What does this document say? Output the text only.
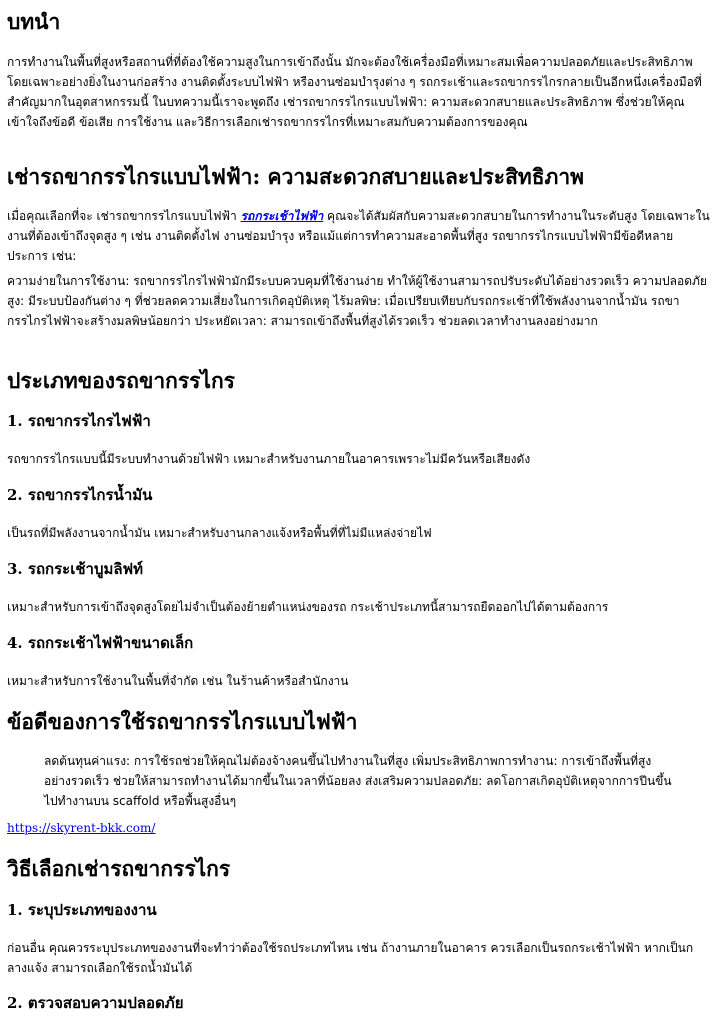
บทนำ

การทำงานในพื้นที่สูงหรือสถานที่ที่ต้องใช้ความสูงในการเข้าถึงนั้น มักจะต้องใช้เครื่องมือที่เหมาะสมเพื่อความปลอดภัยและประสิทธิภาพ โดยเฉพาะอย่างยิ่งในงานก่อสร้าง งานติดตั้งระบบไฟฟ้า หรืองานซ่อมบำรุงต่าง ๆ รถกระเช้าและรถขากรรไกรกลายเป็นอีกหนึ่งเครื่องมือที่สำคัญมากในอุตสาหกรรมนี้ ในบทความนี้เราจะพูดถึง เช่ารถขากรรไกรแบบไฟฟ้า: ความสะดวกสบายและประสิทธิภาพ ซึ่งช่วยให้คุณเข้าใจถึงข้อดี ข้อเสีย การใช้งาน และวิธีการเลือกเช่ารถขากรรไกรที่เหมาะสมกับความต้องการของคุณ

เช่ารถขากรรไกรแบบไฟฟ้า: ความสะดวกสบายและประสิทธิภาพ

เมื่อคุณเลือกที่จะ เช่ารถขากรรไกรแบบไฟฟ้า รถกระเช้าไฟฟ้า คุณจะได้สัมผัสกับความสะดวกสบายในการทำงานในระดับสูง โดยเฉพาะในงานที่ต้องเข้าถึงจุดสูง ๆ เช่น งานติดตั้งไฟ งานซ่อมบำรุง หรือแม้แต่การทำความสะอาดพื้นที่สูง รถขากรรไกรแบบไฟฟ้ามีข้อดีหลายประการ เช่น:

ความง่ายในการใช้งาน: รถขากรรไกรไฟฟ้ามักมีระบบควบคุมที่ใช้งานง่าย ทำให้ผู้ใช้งานสามารถปรับระดับได้อย่างรวดเร็ว ความปลอดภัยสูง: มีระบบป้องกันต่าง ๆ ที่ช่วยลดความเสี่ยงในการเกิดอุบัติเหตุ ไร้มลพิษ: เมื่อเปรียบเทียบกับรถกระเช้าที่ใช้พลังงานจากน้ำมัน รถขากรรไกรไฟฟ้าจะสร้างมลพิษน้อยกว่า ประหยัดเวลา: สามารถเข้าถึงพื้นที่สูงได้รวดเร็ว ช่วยลดเวลาทำงานลงอย่างมาก

ประเภทของรถขากรรไกร
1. รถขากรรไกรไฟฟ้า

รถขากรรไกรแบบนี้มีระบบทำงานด้วยไฟฟ้า เหมาะสำหรับงานภายในอาคารเพราะไม่มีควันหรือเสียงดัง

2. รถขากรรไกรน้ำมัน

เป็นรถที่มีพลังงานจากน้ำมัน เหมาะสำหรับงานกลางแจ้งหรือพื้นที่ที่ไม่มีแหล่งจ่ายไฟ

3. รถกระเช้าบูมลิฟท์

เหมาะสำหรับการเข้าถึงจุดสูงโดยไม่จำเป็นต้องย้ายตำแหน่งของรถ กระเช้าประเภทนี้สามารถยืดออกไปได้ตามต้องการ

4. รถกระเช้าไฟฟ้าขนาดเล็ก

เหมาะสำหรับการใช้งานในพื้นที่จำกัด เช่น ในร้านค้าหรือสำนักงาน

ข้อดีของการใช้รถขากรรไกรแบบไฟฟ้า

ลดต้นทุนค่าแรง: การใช้รถช่วยให้คุณไม่ต้องจ้างคนขึ้นไปทำงานในที่สูง เพิ่มประสิทธิภาพการทำงาน: การเข้าถึงพื้นที่สูงอย่างรวดเร็ว ช่วยให้สามารถทำงานได้มากขึ้นในเวลาที่น้อยลง ส่งเสริมความปลอดภัย: ลดโอกาสเกิดอุบัติเหตุจากการปีนขึ้นไปทำงานบน scaffold หรือพื้นสูงอื่นๆ

https://skyrent-bkk.com/
วิธีเลือกเช่ารถขากรรไกร
1. ระบุประเภทของงาน

ก่อนอื่น คุณควรระบุประเภทของงานที่จะทำว่าต้องใช้รถประเภทไหน เช่น ถ้างานภายในอาคาร ควรเลือกเป็นรถกระเช้าไฟฟ้า หากเป็นกลางแจ้ง สามารถเลือกใช้รถน้ำมันได้

2. ตรวจสอบความปลอดภัย
